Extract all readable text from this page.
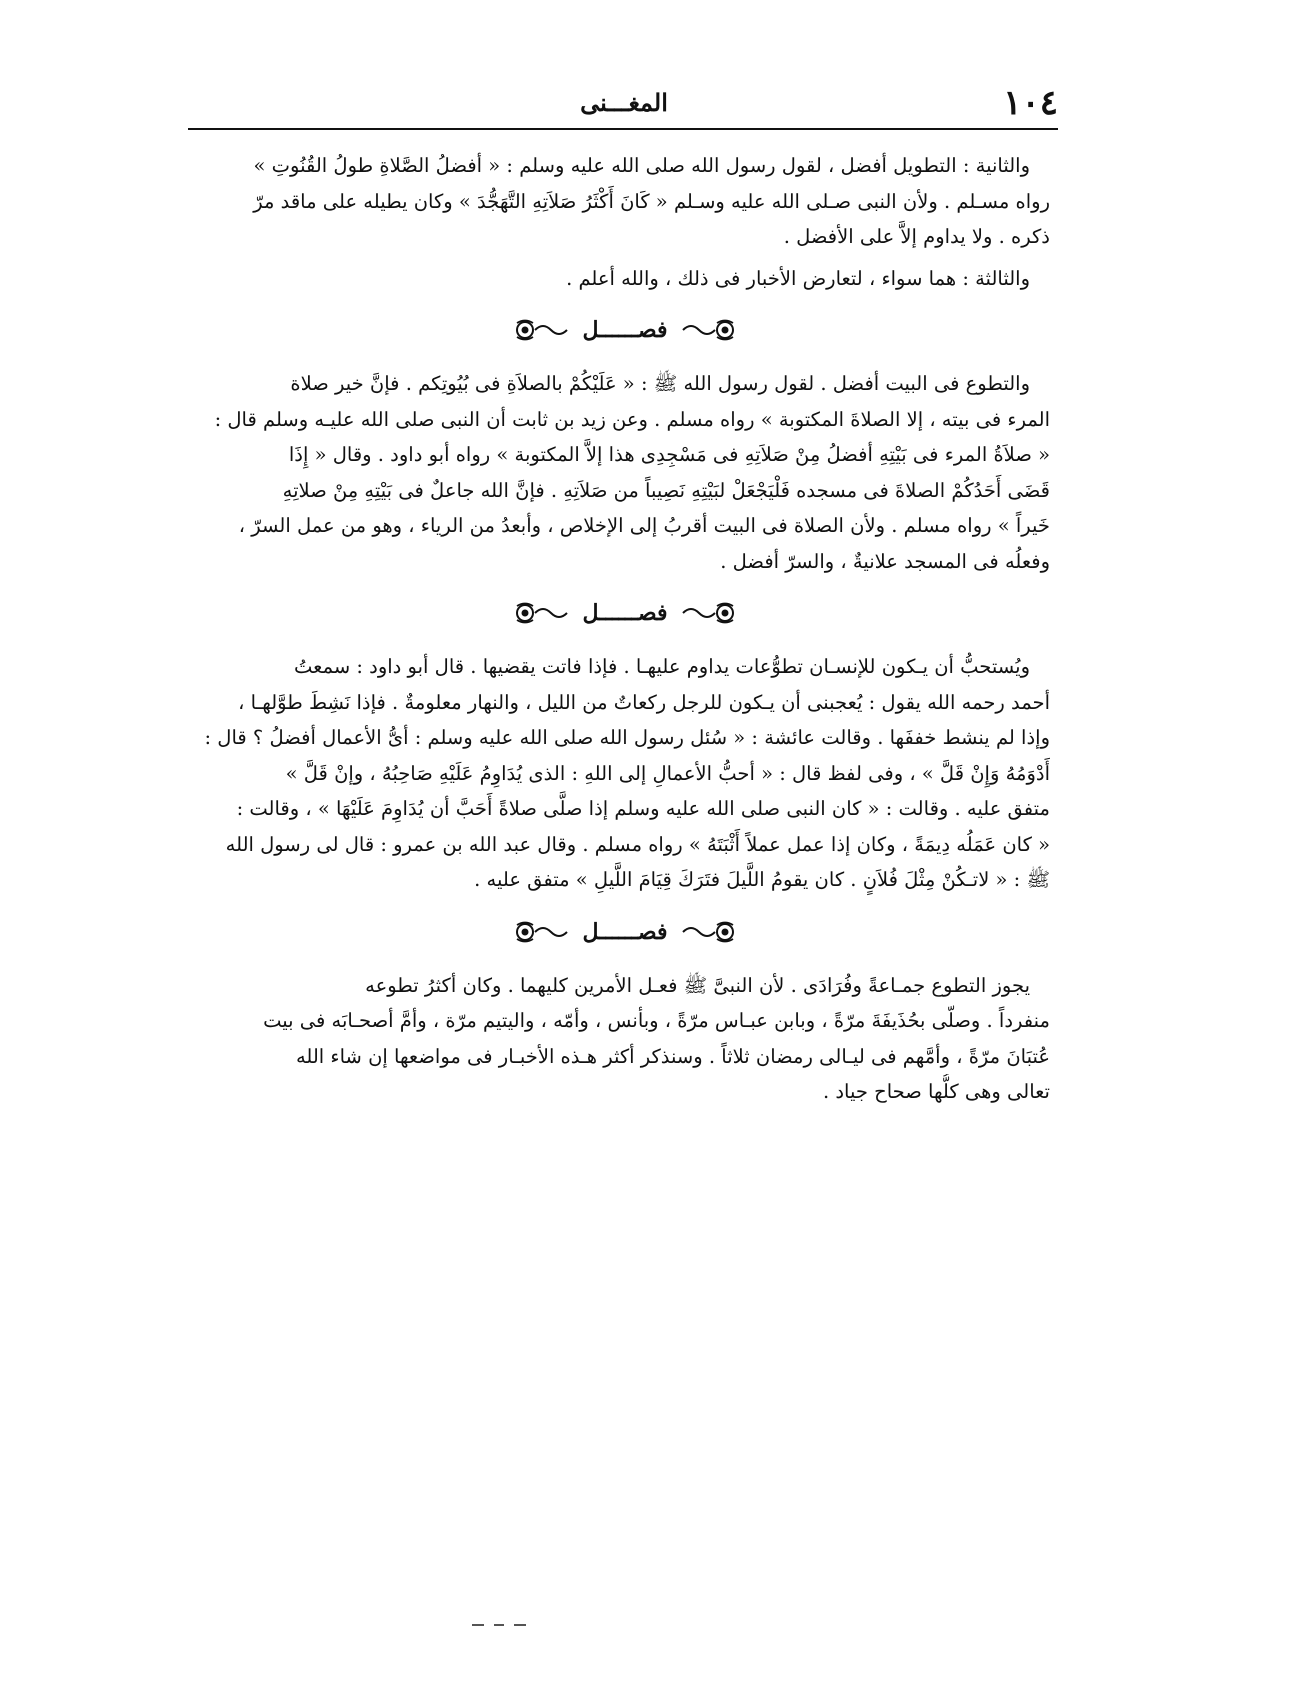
١٠٤
المغـــنى
والثانية : التطويل أفضل ، لقول رسول الله صلى الله عليه وسلم : « أفضلُ الصَّلاةِ طولُ القُنُوتِ »
رواه مسـلم . ولأن النبى صـلى الله عليه وسـلم « كَانَ أَكْثَرُ صَلاَتِهِ التَّهَجُّدَ » وكان يطيله على ماقد مرّ
ذكره . ولا يداوم إلاَّ على الأفضل .
والثالثة : هما سواء ، لتعارض الأخبار فى ذلك ، والله أعلم .
فصــــــل
والتطوع فى البيت أفضل . لقول رسول الله ﷺ : « عَلَيْكُمْ بالصلاَةِ فى بُيُوتِكم . فإنَّ خير صلاة
المرء فى بيته ، إلا الصلاةَ المكتوبة » رواه مسلم . وعن زيد بن ثابت أن النبى صلى الله عليـه وسلم قال :
« صلاَةُ المرء فى بَيْتِهِ أفضلُ مِنْ صَلاَتِهِ فى مَسْجِدِى هذا إلاَّ المكتوبة » رواه أبو داود . وقال « إِذَا
قَضَى أَحَدُكُمْ الصلاةَ فى مسجده فَلْيَجْعَلْ لبَيْتِهِ نَصِيباً من صَلاَتِهِ . فإنَّ الله جاعلٌ فى بَيْتِهِ مِنْ صلاتِهِ
خَيراً » رواه مسلم . ولأن الصلاة فى البيت أقربُ إلى الإخلاص ، وأبعدُ من الرياء ، وهو من عمل السرّ ،
وفعلُه فى المسجد علانيةٌ ، والسرّ أفضل .
فصــــــل
ويُستحبُّ أن يـكون للإنسـان تطوُّعات يداوم عليهـا . فإذا فاتت يقضيها . قال أبو داود : سمعتُ
أحمد رحمه الله يقول : يُعجبنى أن يـكون للرجل ركعاتٌ من الليل ، والنهار معلومةٌ . فإذا نَشِطَ طوَّلهـا ،
وإذا لم ينشط خففَها . وقالت عائشة : « سُئل رسول الله صلى الله عليه وسلم : أىُّ الأعمال أفضلُ ؟ قال :
أَدْوَمُهُ وَإِنْ قَلَّ » ، وفى لفظ قال : « أحبُّ الأعمالِ إلى اللهِ : الذى يُدَاوِمُ عَلَيْهِ صَاحِبُهُ ، وإنْ قَلَّ »
متفق عليه . وقالت : « كان النبى صلى الله عليه وسلم إذا صلَّى صلاةً أَحَبَّ أن يُدَاوِمَ عَلَيْهَا » ، وقالت :
« كان عَمَلُه دِيمَةً ، وكان إذا عمل عملاً أَثْبَتَهُ » رواه مسلم . وقال عبد الله بن عمرو : قال لى رسول الله
ﷺ : « لاتـكُنْ مِثْلَ فُلاَنٍ . كان يقومُ اللَّيلَ فتَرَكَ قِيَامَ اللَّيلِ » متفق عليه .
فصــــــل
يجوز التطوع جمـاعةً وفُرَادَى . لأن النبىَّ ﷺ فعـل الأمرين كليهما . وكان أكثرُ تطوعه
منفرداً . وصلّى بحُذَيفَةَ مرّةً ، وبابن عبـاس مرّةً ، وبأنس ، وأمّه ، واليتيم مرّة ، وأمَّ أصحـابَه فى بيت
عُتبَانَ مرّةً ، وأمَّهم فى ليـالى رمضان ثلاثاً . وسنذكر أكثر هـذه الأخبـار فى مواضعها إن شاء الله
تعالى وهى كلُّها صحاح جياد .
